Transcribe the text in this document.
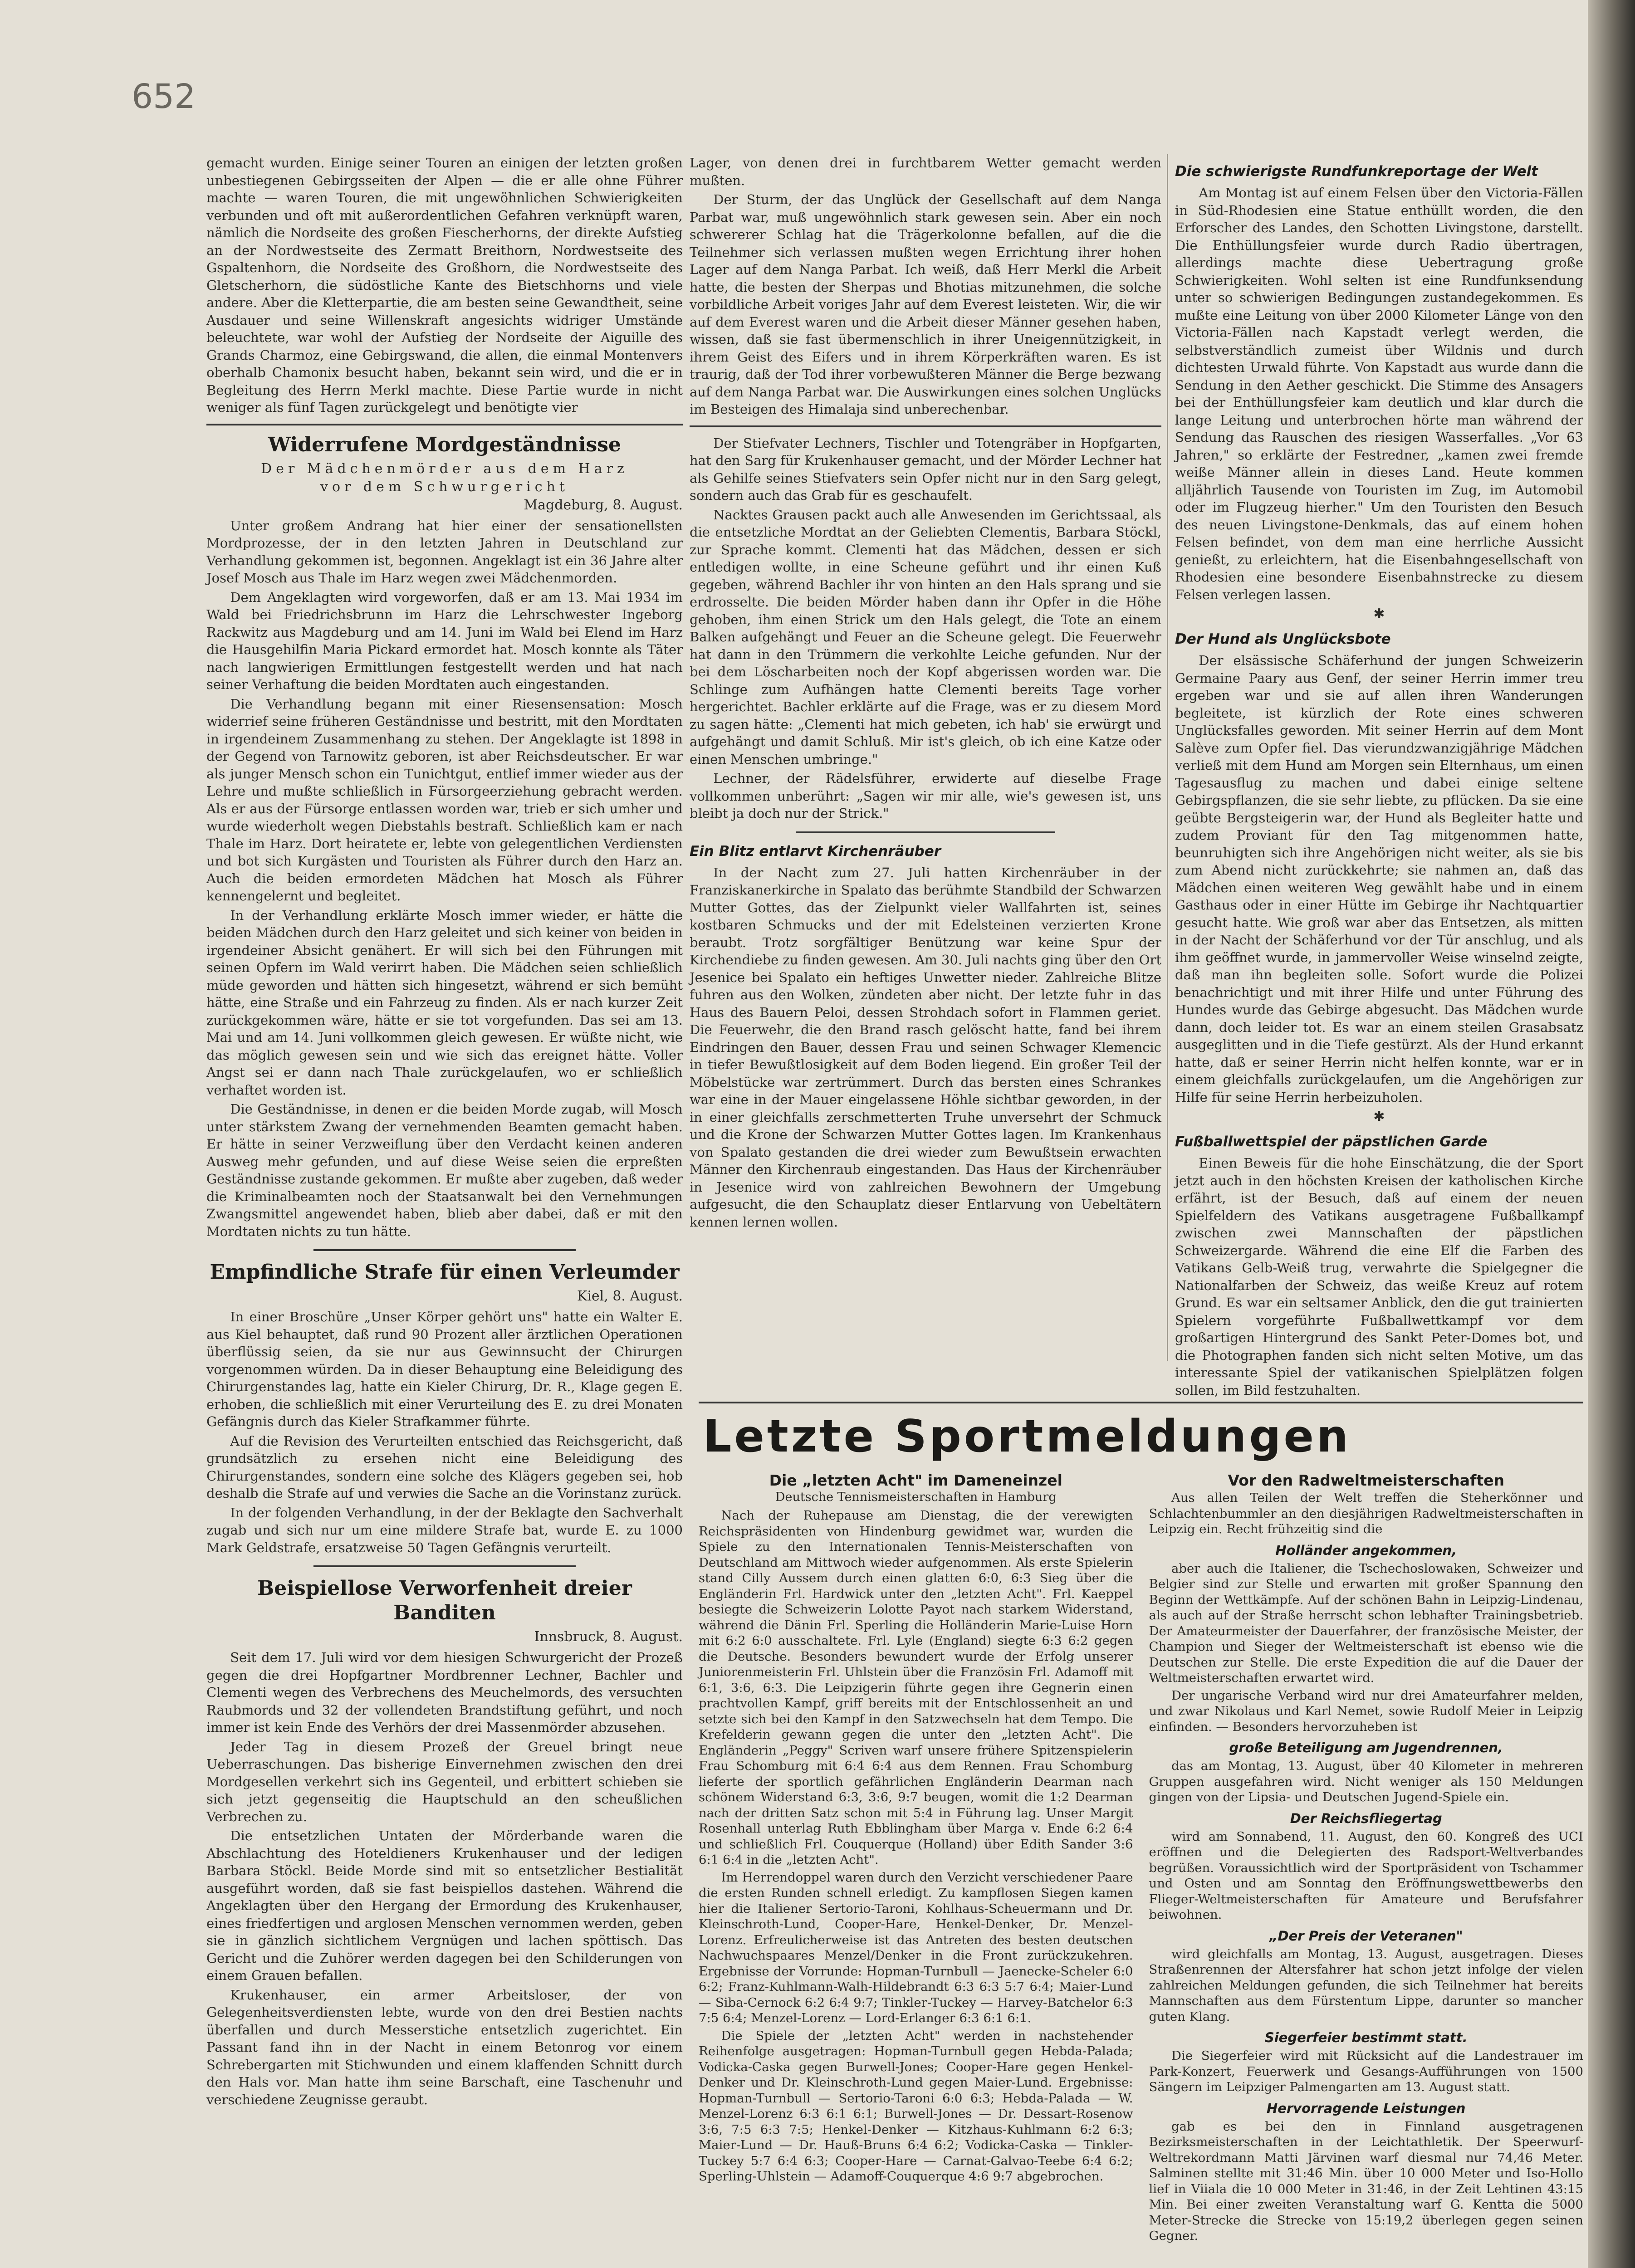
652

gemacht wurden. Einige seiner Touren an einigen der letzten großen unbestiegenen Gebirgsseiten der Alpen — die er alle ohne Führer machte — waren Touren, die mit ungewöhnlichen Schwierigkeiten verbunden und oft mit außerordentlichen Gefahren verknüpft waren, nämlich die Nordseite des großen Fiescherhorns, der direkte Aufstieg an der Nordwestseite des Zermatt Breithorn, Nordwestseite des Gspaltenhorn, die Nordseite des Großhorn, die Nordwestseite des Gletscherhorn, die südöstliche Kante des Bietschhorns und viele andere. Aber die Kletterpartie, die am besten seine Gewandtheit, seine Ausdauer und seine Willenskraft angesichts widriger Umstände beleuchtete, war wohl der Aufstieg der Nordseite der Aiguille des Grands Charmoz, eine Gebirgswand, die allen, die einmal Montenvers oberhalb Chamonix besucht haben, bekannt sein wird, und die er in Begleitung des Herrn Merkl machte. Diese Partie wurde in nicht weniger als fünf Tagen zurückgelegt und benötigte vier

Widerrufene Mordgeständnisse

Der Mädchenmörder aus dem Harz

vor dem Schwurgericht

Magdeburg, 8. August.

Unter großem Andrang hat hier einer der sensationellsten Mordprozesse, der in den letzten Jahren in Deutschland zur Verhandlung gekommen ist, begonnen. Angeklagt ist ein 36 Jahre alter Josef Mosch aus Thale im Harz wegen zwei Mädchenmorden.

Dem Angeklagten wird vorgeworfen, daß er am 13. Mai 1934 im Wald bei Friedrichsbrunn im Harz die Lehrschwester Ingeborg Rackwitz aus Magdeburg und am 14. Juni im Wald bei Elend im Harz die Hausgehilfin Maria Pickard ermordet hat. Mosch konnte als Täter nach langwierigen Ermittlungen festgestellt werden und hat nach seiner Verhaftung die beiden Mordtaten auch eingestanden.

Die Verhandlung begann mit einer Riesensensation: Mosch widerrief seine früheren Geständnisse und bestritt, mit den Mordtaten in irgendeinem Zusammenhang zu stehen. Der Angeklagte ist 1898 in der Gegend von Tarnowitz geboren, ist aber Reichsdeutscher. Er war als junger Mensch schon ein Tunichtgut, entlief immer wieder aus der Lehre und mußte schließlich in Fürsorgeerziehung gebracht werden. Als er aus der Fürsorge entlassen worden war, trieb er sich umher und wurde wiederholt wegen Diebstahls bestraft. Schließlich kam er nach Thale im Harz. Dort heiratete er, lebte von gelegentlichen Verdiensten und bot sich Kurgästen und Touristen als Führer durch den Harz an. Auch die beiden ermordeten Mädchen hat Mosch als Führer kennengelernt und begleitet.

In der Verhandlung erklärte Mosch immer wieder, er hätte die beiden Mädchen durch den Harz geleitet und sich keiner von beiden in irgendeiner Absicht genähert. Er will sich bei den Führungen mit seinen Opfern im Wald verirrt haben. Die Mädchen seien schließlich müde geworden und hätten sich hingesetzt, während er sich bemüht hätte, eine Straße und ein Fahrzeug zu finden. Als er nach kurzer Zeit zurückgekommen wäre, hätte er sie tot vorgefunden. Das sei am 13. Mai und am 14. Juni vollkommen gleich gewesen. Er wüßte nicht, wie das möglich gewesen sein und wie sich das ereignet hätte. Voller Angst sei er dann nach Thale zurückgelaufen, wo er schließlich verhaftet worden ist.

Die Geständnisse, in denen er die beiden Morde zugab, will Mosch unter stärkstem Zwang der vernehmenden Beamten gemacht haben. Er hätte in seiner Verzweiflung über den Verdacht keinen anderen Ausweg mehr gefunden, und auf diese Weise seien die erpreßten Geständnisse zustande gekommen. Er mußte aber zugeben, daß weder die Kriminalbeamten noch der Staatsanwalt bei den Vernehmungen Zwangsmittel angewendet haben, blieb aber dabei, daß er mit den Mordtaten nichts zu tun hätte.

Empfindliche Strafe für einen Verleumder

Kiel, 8. August.

In einer Broschüre „Unser Körper gehört uns" hatte ein Walter E. aus Kiel behauptet, daß rund 90 Prozent aller ärztlichen Operationen überflüssig seien, da sie nur aus Gewinnsucht der Chirurgen vorgenommen würden. Da in dieser Behauptung eine Beleidigung des Chirurgenstandes lag, hatte ein Kieler Chirurg, Dr. R., Klage gegen E. erhoben, die schließlich mit einer Verurteilung des E. zu drei Monaten Gefängnis durch das Kieler Strafkammer führte.

Auf die Revision des Verurteilten entschied das Reichsgericht, daß grundsätzlich zu ersehen nicht eine Beleidigung des Chirurgenstandes, sondern eine solche des Klägers gegeben sei, hob deshalb die Strafe auf und verwies die Sache an die Vorinstanz zurück.

In der folgenden Verhandlung, in der der Beklagte den Sachverhalt zugab und sich nur um eine mildere Strafe bat, wurde E. zu 1000 Mark Geldstrafe, ersatzweise 50 Tagen Gefängnis verurteilt.

Beispiellose Verworfenheit dreier Banditen

Innsbruck, 8. August.

Seit dem 17. Juli wird vor dem hiesigen Schwurgericht der Prozeß gegen die drei Hopfgartner Mordbrenner Lechner, Bachler und Clementi wegen des Verbrechens des Meuchelmords, des versuchten Raubmords und 32 der vollendeten Brandstiftung geführt, und noch immer ist kein Ende des Verhörs der drei Massenmörder abzusehen.

Jeder Tag in diesem Prozeß der Greuel bringt neue Ueberraschungen. Das bisherige Einvernehmen zwischen den drei Mordgesellen verkehrt sich ins Gegenteil, und erbittert schieben sie sich jetzt gegenseitig die Hauptschuld an den scheußlichen Verbrechen zu.

Die entsetzlichen Untaten der Mörderbande waren die Abschlachtung des Hoteldieners Krukenhauser und der ledigen Barbara Stöckl. Beide Morde sind mit so entsetzlicher Bestialität ausgeführt worden, daß sie fast beispiellos dastehen. Während die Angeklagten über den Hergang der Ermordung des Krukenhauser, eines friedfertigen und arglosen Menschen vernommen werden, geben sie in gänzlich sichtlichem Vergnügen und lachen spöttisch. Das Gericht und die Zuhörer werden dagegen bei den Schilderungen von einem Grauen befallen.

Krukenhauser, ein armer Arbeitsloser, der von Gelegenheitsverdiensten lebte, wurde von den drei Bestien nachts überfallen und durch Messerstiche entsetzlich zugerichtet. Ein Passant fand ihn in der Nacht in einem Betonrog vor einem Schrebergarten mit Stichwunden und einem klaffenden Schnitt durch den Hals vor. Man hatte ihm seine Barschaft, eine Taschenuhr und verschiedene Zeugnisse geraubt.

Lager, von denen drei in furchtbarem Wetter gemacht werden mußten.

Der Sturm, der das Unglück der Gesellschaft auf dem Nanga Parbat war, muß ungewöhnlich stark gewesen sein. Aber ein noch schwererer Schlag hat die Trägerkolonne befallen, auf die die Teilnehmer sich verlassen mußten wegen Errichtung ihrer hohen Lager auf dem Nanga Parbat. Ich weiß, daß Herr Merkl die Arbeit hatte, die besten der Sherpas und Bhotias mitzunehmen, die solche vorbildliche Arbeit voriges Jahr auf dem Everest leisteten. Wir, die wir auf dem Everest waren und die Arbeit dieser Männer gesehen haben, wissen, daß sie fast übermenschlich in ihrer Uneigennützigkeit, in ihrem Geist des Eifers und in ihrem Körperkräften waren. Es ist traurig, daß der Tod ihrer vorbewußteren Männer die Berge bezwang auf dem Nanga Parbat war. Die Auswirkungen eines solchen Unglücks im Besteigen des Himalaja sind unberechenbar.

Der Stiefvater Lechners, Tischler und Totengräber in Hopfgarten, hat den Sarg für Krukenhauser gemacht, und der Mörder Lechner hat als Gehilfe seines Stiefvaters sein Opfer nicht nur in den Sarg gelegt, sondern auch das Grab für es geschaufelt.

Nacktes Grausen packt auch alle Anwesenden im Gerichtssaal, als die entsetzliche Mordtat an der Geliebten Clementis, Barbara Stöckl, zur Sprache kommt. Clementi hat das Mädchen, dessen er sich entledigen wollte, in eine Scheune geführt und ihr einen Kuß gegeben, während Bachler ihr von hinten an den Hals sprang und sie erdrosselte. Die beiden Mörder haben dann ihr Opfer in die Höhe gehoben, ihm einen Strick um den Hals gelegt, die Tote an einem Balken aufgehängt und Feuer an die Scheune gelegt. Die Feuerwehr hat dann in den Trümmern die verkohlte Leiche gefunden. Nur der bei dem Löscharbeiten noch der Kopf abgerissen worden war. Die Schlinge zum Aufhängen hatte Clementi bereits Tage vorher hergerichtet. Bachler erklärte auf die Frage, was er zu diesem Mord zu sagen hätte: „Clementi hat mich gebeten, ich hab' sie erwürgt und aufgehängt und damit Schluß. Mir ist's gleich, ob ich eine Katze oder einen Menschen umbringe."

Lechner, der Rädelsführer, erwiderte auf dieselbe Frage vollkommen unberührt: „Sagen wir mir alle, wie's gewesen ist, uns bleibt ja doch nur der Strick."

Ein Blitz entlarvt Kirchenräuber

In der Nacht zum 27. Juli hatten Kirchenräuber in der Franziskanerkirche in Spalato das berühmte Standbild der Schwarzen Mutter Gottes, das der Zielpunkt vieler Wallfahrten ist, seines kostbaren Schmucks und der mit Edelsteinen verzierten Krone beraubt. Trotz sorgfältiger Benützung war keine Spur der Kirchendiebe zu finden gewesen. Am 30. Juli nachts ging über den Ort Jesenice bei Spalato ein heftiges Unwetter nieder. Zahlreiche Blitze fuhren aus den Wolken, zündeten aber nicht. Der letzte fuhr in das Haus des Bauern Peloi, dessen Strohdach sofort in Flammen geriet. Die Feuerwehr, die den Brand rasch gelöscht hatte, fand bei ihrem Eindringen den Bauer, dessen Frau und seinen Schwager Klemencic in tiefer Bewußtlosigkeit auf dem Boden liegend. Ein großer Teil der Möbelstücke war zertrümmert. Durch das bersten eines Schrankes war eine in der Mauer eingelassene Höhle sichtbar geworden, in der in einer gleichfalls zerschmetterten Truhe unversehrt der Schmuck und die Krone der Schwarzen Mutter Gottes lagen. Im Krankenhaus von Spalato gestanden die drei wieder zum Bewußtsein erwachten Männer den Kirchenraub eingestanden. Das Haus der Kirchenräuber in Jesenice wird von zahlreichen Bewohnern der Umgebung aufgesucht, die den Schauplatz dieser Entlarvung von Uebeltätern kennen lernen wollen.

Die schwierigste Rundfunkreportage der Welt

Am Montag ist auf einem Felsen über den Victoria-Fällen in Süd-Rhodesien eine Statue enthüllt worden, die den Erforscher des Landes, den Schotten Livingstone, darstellt. Die Enthüllungsfeier wurde durch Radio übertragen, allerdings machte diese Uebertragung große Schwierigkeiten. Wohl selten ist eine Rundfunksendung unter so schwierigen Bedingungen zustandegekommen. Es mußte eine Leitung von über 2000 Kilometer Länge von den Victoria-Fällen nach Kapstadt verlegt werden, die selbstverständlich zumeist über Wildnis und durch dichtesten Urwald führte. Von Kapstadt aus wurde dann die Sendung in den Aether geschickt. Die Stimme des Ansagers bei der Enthüllungsfeier kam deutlich und klar durch die lange Leitung und unterbrochen hörte man während der Sendung das Rauschen des riesigen Wasserfalles. „Vor 63 Jahren," so erklärte der Festredner, „kamen zwei fremde weiße Männer allein in dieses Land. Heute kommen alljährlich Tausende von Touristen im Zug, im Automobil oder im Flugzeug hierher." Um den Touristen den Besuch des neuen Livingstone-Denkmals, das auf einem hohen Felsen befindet, von dem man eine herrliche Aussicht genießt, zu erleichtern, hat die Eisenbahngesellschaft von Rhodesien eine besondere Eisenbahnstrecke zu diesem Felsen verlegen lassen.

✱
Der Hund als Unglücksbote

Der elsässische Schäferhund der jungen Schweizerin Germaine Paary aus Genf, der seiner Herrin immer treu ergeben war und sie auf allen ihren Wanderungen begleitete, ist kürzlich der Rote eines schweren Unglücksfalles geworden. Mit seiner Herrin auf dem Mont Salève zum Opfer fiel. Das vierundzwanzigjährige Mädchen verließ mit dem Hund am Morgen sein Elternhaus, um einen Tagesausflug zu machen und dabei einige seltene Gebirgspflanzen, die sie sehr liebte, zu pflücken. Da sie eine geübte Bergsteigerin war, der Hund als Begleiter hatte und zudem Proviant für den Tag mitgenommen hatte, beunruhigten sich ihre Angehörigen nicht weiter, als sie bis zum Abend nicht zurückkehrte; sie nahmen an, daß das Mädchen einen weiteren Weg gewählt habe und in einem Gasthaus oder in einer Hütte im Gebirge ihr Nachtquartier gesucht hatte. Wie groß war aber das Entsetzen, als mitten in der Nacht der Schäferhund vor der Tür anschlug, und als ihm geöffnet wurde, in jammervoller Weise winselnd zeigte, daß man ihn begleiten solle. Sofort wurde die Polizei benachrichtigt und mit ihrer Hilfe und unter Führung des Hundes wurde das Gebirge abgesucht. Das Mädchen wurde dann, doch leider tot. Es war an einem steilen Grasabsatz ausgeglitten und in die Tiefe gestürzt. Als der Hund erkannt hatte, daß er seiner Herrin nicht helfen konnte, war er in einem gleichfalls zurückgelaufen, um die Angehörigen zur Hilfe für seine Herrin herbeizuholen.

✱
Fußballwettspiel der päpstlichen Garde

Einen Beweis für die hohe Einschätzung, die der Sport jetzt auch in den höchsten Kreisen der katholischen Kirche erfährt, ist der Besuch, daß auf einem der neuen Spielfeldern des Vatikans ausgetragene Fußballkampf zwischen zwei Mannschaften der päpstlichen Schweizergarde. Während die eine Elf die Farben des Vatikans Gelb-Weiß trug, verwahrte die Spielgegner die Nationalfarben der Schweiz, das weiße Kreuz auf rotem Grund. Es war ein seltsamer Anblick, den die gut trainierten Spielern vorgeführte Fußballwettkampf vor dem großartigen Hintergrund des Sankt Peter-Domes bot, und die Photographen fanden sich nicht selten Motive, um das interessante Spiel der vatikanischen Spielplätzen folgen sollen, im Bild festzuhalten.

Letzte Sportmeldungen
Die „letzten Acht" im Dameneinzel
Deutsche Tennismeisterschaften in Hamburg

Nach der Ruhepause am Dienstag, die der verewigten Reichspräsidenten von Hindenburg gewidmet war, wurden die Spiele zu den Internationalen Tennis-Meisterschaften von Deutschland am Mittwoch wieder aufgenommen. Als erste Spielerin stand Cilly Aussem durch einen glatten 6:0, 6:3 Sieg über die Engländerin Frl. Hardwick unter den „letzten Acht". Frl. Kaeppel besiegte die Schweizerin Lolotte Payot nach starkem Widerstand, während die Dänin Frl. Sperling die Holländerin Marie-Luise Horn mit 6:2 6:0 ausschaltete. Frl. Lyle (England) siegte 6:3 6:2 gegen die Deutsche. Besonders bewundert wurde der Erfolg unserer Juniorenmeisterin Frl. Uhlstein über die Französin Frl. Adamoff mit 6:1, 3:6, 6:3. Die Leipzigerin führte gegen ihre Gegnerin einen prachtvollen Kampf, griff bereits mit der Entschlossenheit an und setzte sich bei den Kampf in den Satzwechseln hat dem Tempo. Die Krefelderin gewann gegen die unter den „letzten Acht". Die Engländerin „Peggy" Scriven warf unsere frühere Spitzenspielerin Frau Schomburg mit 6:4 6:4 aus dem Rennen. Frau Schomburg lieferte der sportlich gefährlichen Engländerin Dearman nach schönem Widerstand 6:3, 3:6, 9:7 beugen, womit die 1:2 Dearman nach der dritten Satz schon mit 5:4 in Führung lag. Unser Margit Rosenhall unterlag Ruth Ebblingham über Marga v. Ende 6:2 6:4 und schließlich Frl. Couquerque (Holland) über Edith Sander 3:6 6:1 6:4 in die „letzten Acht".

Im Herrendoppel waren durch den Verzicht verschiedener Paare die ersten Runden schnell erledigt. Zu kampflosen Siegen kamen hier die Italiener Sertorio-Taroni, Kohlhaus-Scheuermann und Dr. Kleinschroth-Lund, Cooper-Hare, Henkel-Denker, Dr. Menzel-Lorenz. Erfreulicherweise ist das Antreten des besten deutschen Nachwuchspaares Menzel/Denker in die Front zurückzukehren. Ergebnisse der Vorrunde: Hopman-Turnbull — Jaenecke-Scheler 6:0 6:2; Franz-Kuhlmann-Walh-Hildebrandt 6:3 6:3 5:7 6:4; Maier-Lund — Siba-Cernock 6:2 6:4 9:7; Tinkler-Tuckey — Harvey-Batchelor 6:3 7:5 6:4; Menzel-Lorenz — Lord-Erlanger 6:3 6:1 6:1.

Die Spiele der „letzten Acht" werden in nachstehender Reihenfolge ausgetragen: Hopman-Turnbull gegen Hebda-Palada; Vodicka-Caska gegen Burwell-Jones; Cooper-Hare gegen Henkel-Denker und Dr. Kleinschroth-Lund gegen Maier-Lund. Ergebnisse: Hopman-Turnbull — Sertorio-Taroni 6:0 6:3; Hebda-Palada — W. Menzel-Lorenz 6:3 6:1 6:1; Burwell-Jones — Dr. Dessart-Rosenow 3:6, 7:5 6:3 7:5; Henkel-Denker — Kitzhaus-Kuhlmann 6:2 6:3; Maier-Lund — Dr. Hauß-Bruns 6:4 6:2; Vodicka-Caska — Tinkler-Tuckey 5:7 6:4 6:3; Cooper-Hare — Carnat-Galvao-Teebe 6:4 6:2; Sperling-Uhlstein — Adamoff-Couquerque 4:6 9:7 abgebrochen.

Vor den Radweltmeisterschaften

Aus allen Teilen der Welt treffen die Steherkönner und Schlachtenbummler an den diesjährigen Radweltmeisterschaften in Leipzig ein. Recht frühzeitig sind die

Holländer angekommen,

aber auch die Italiener, die Tschechoslowaken, Schweizer und Belgier sind zur Stelle und erwarten mit großer Spannung den Beginn der Wettkämpfe. Auf der schönen Bahn in Leipzig-Lindenau, als auch auf der Straße herrscht schon lebhafter Trainingsbetrieb. Der Amateurmeister der Dauerfahrer, der französische Meister, der Champion und Sieger der Weltmeisterschaft ist ebenso wie die Deutschen zur Stelle. Die erste Expedition die auf die Dauer der Weltmeisterschaften erwartet wird.

Der ungarische Verband wird nur drei Amateurfahrer melden, und zwar Nikolaus und Karl Nemet, sowie Rudolf Meier in Leipzig einfinden. — Besonders hervorzuheben ist

große Beteiligung am Jugendrennen,

das am Montag, 13. August, über 40 Kilometer in mehreren Gruppen ausgefahren wird. Nicht weniger als 150 Meldungen gingen von der Lipsia- und Deutschen Jugend-Spiele ein.

Der Reichsfliegertag

wird am Sonnabend, 11. August, den 60. Kongreß des UCI eröffnen und die Delegierten des Radsport-Weltverbandes begrüßen. Voraussichtlich wird der Sportpräsident von Tschammer und Osten und am Sonntag den Eröffnungswettbewerbs den Flieger-Weltmeisterschaften für Amateure und Berufsfahrer beiwohnen.

„Der Preis der Veteranen"

wird gleichfalls am Montag, 13. August, ausgetragen. Dieses Straßenrennen der Altersfahrer hat schon jetzt infolge der vielen zahlreichen Meldungen gefunden, die sich Teilnehmer hat bereits Mannschaften aus dem Fürstentum Lippe, darunter so mancher guten Klang.

Siegerfeier bestimmt statt.

Die Siegerfeier wird mit Rücksicht auf die Landestrauer im Park-Konzert, Feuerwerk und Gesangs-Aufführungen von 1500 Sängern im Leipziger Palmengarten am 13. August statt.

Hervorragende Leistungen

gab es bei den in Finnland ausgetragenen Bezirksmeisterschaften in der Leichtathletik. Der Speerwurf-Weltrekordmann Matti Järvinen warf diesmal nur 74,46 Meter. Salminen stellte mit 31:46 Min. über 10 000 Meter und Iso-Hollo lief in Viiala die 10 000 Meter in 31:46, in der Zeit Lehtinen 43:15 Min. Bei einer zweiten Veranstaltung warf G. Kentta die 5000 Meter-Strecke die Strecke von 15:19,2 überlegen gegen seinen Gegner.
